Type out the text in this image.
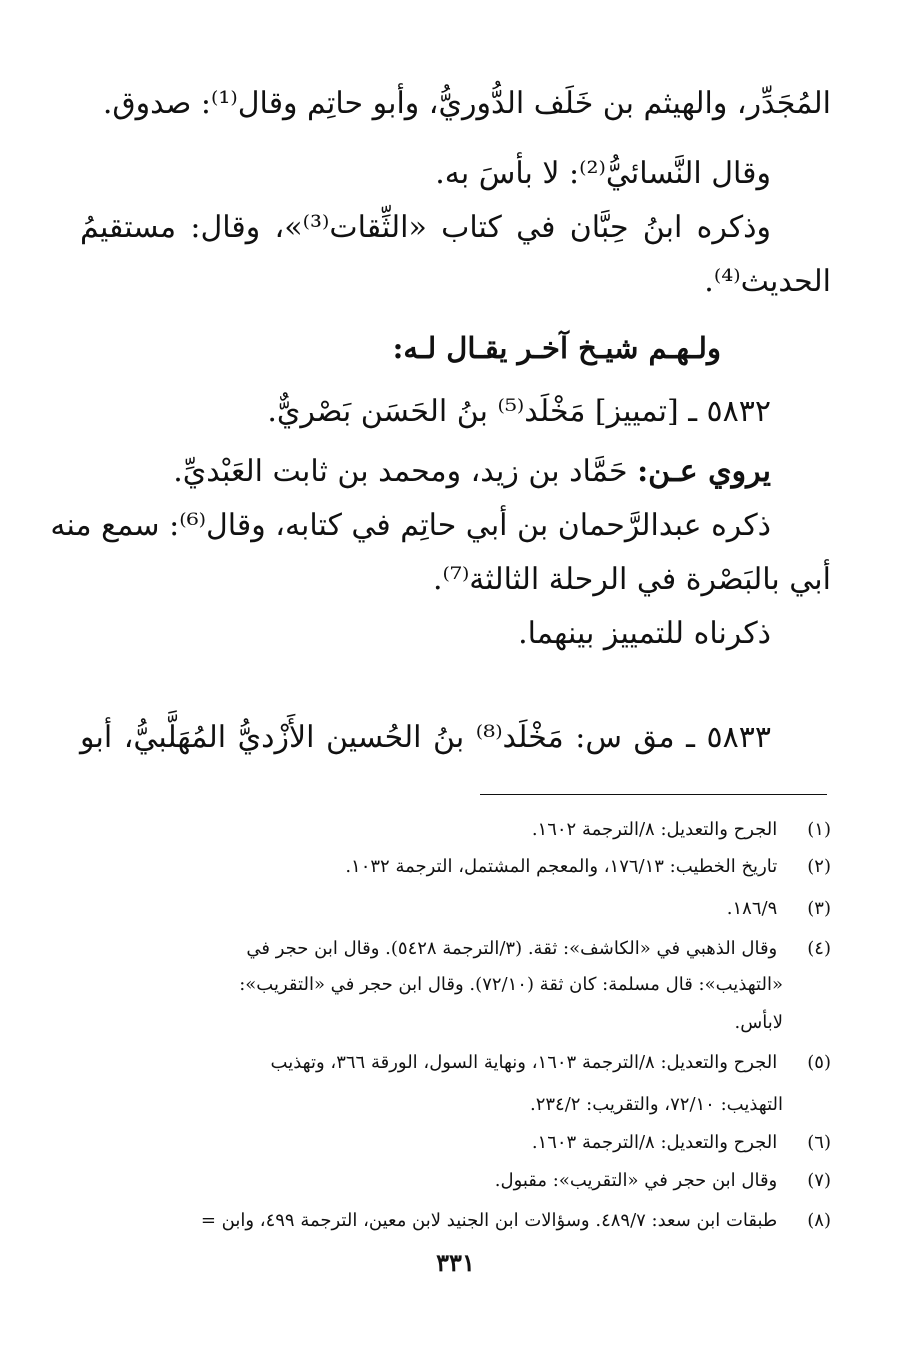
المُجَدِّر، والهيثم بن خَلَف الدُّوريُّ، وأبو حاتِم وقال⁽¹⁾: صدوق.
وقال النَّسائيُّ⁽²⁾: لا بأسَ به.
وذكره ابنُ حِبَّان في كتاب «الثِّقات⁽³⁾»، وقال: مستقيمُ
الحديث⁽⁴⁾.
ولـهـم شيـخ آخـر يقـال لـه:
٥٨٣٢ ـ [تمييز] مَخْلَد⁽⁵⁾ بنُ الحَسَن بَصْريٌّ.
يروي عـن: حَمَّاد بن زيد، ومحمد بن ثابت العَبْديِّ.
ذكره عبدالرَّحمان بن أبي حاتِم في كتابه، وقال⁽⁶⁾: سمع منه
أبي بالبَصْرة في الرحلة الثالثة⁽⁷⁾.
ذكرناه للتمييز بينهما.
٥٨٣٣ ـ مق س: مَخْلَد⁽⁸⁾ بنُ الحُسين الأَزْديُّ المُهَلَّبيُّ، أبو
(١) الجرح والتعديل: ٨/الترجمة ١٦٠٢.
(٢) تاريخ الخطيب: ١٧٦/١٣، والمعجم المشتمل، الترجمة ١٠٣٢.
(٣) ١٨٦/٩.
(٤) وقال الذهبي في «الكاشف»: ثقة. (٣/الترجمة ٥٤٢٨). وقال ابن حجر في
«التهذيب»: قال مسلمة: كان ثقة (٧٢/١٠). وقال ابن حجر في «التقريب»:
لابأس.
(٥) الجرح والتعديل: ٨/الترجمة ١٦٠٣، ونهاية السول، الورقة ٣٦٦، وتهذيب
التهذيب: ٧٢/١٠، والتقريب: ٢٣٤/٢.
(٦) الجرح والتعديل: ٨/الترجمة ١٦٠٣.
(٧) وقال ابن حجر في «التقريب»: مقبول.
(٨) طبقات ابن سعد: ٤٨٩/٧. وسؤالات ابن الجنيد لابن معين، الترجمة ٤٩٩، وابن =
٣٣١
